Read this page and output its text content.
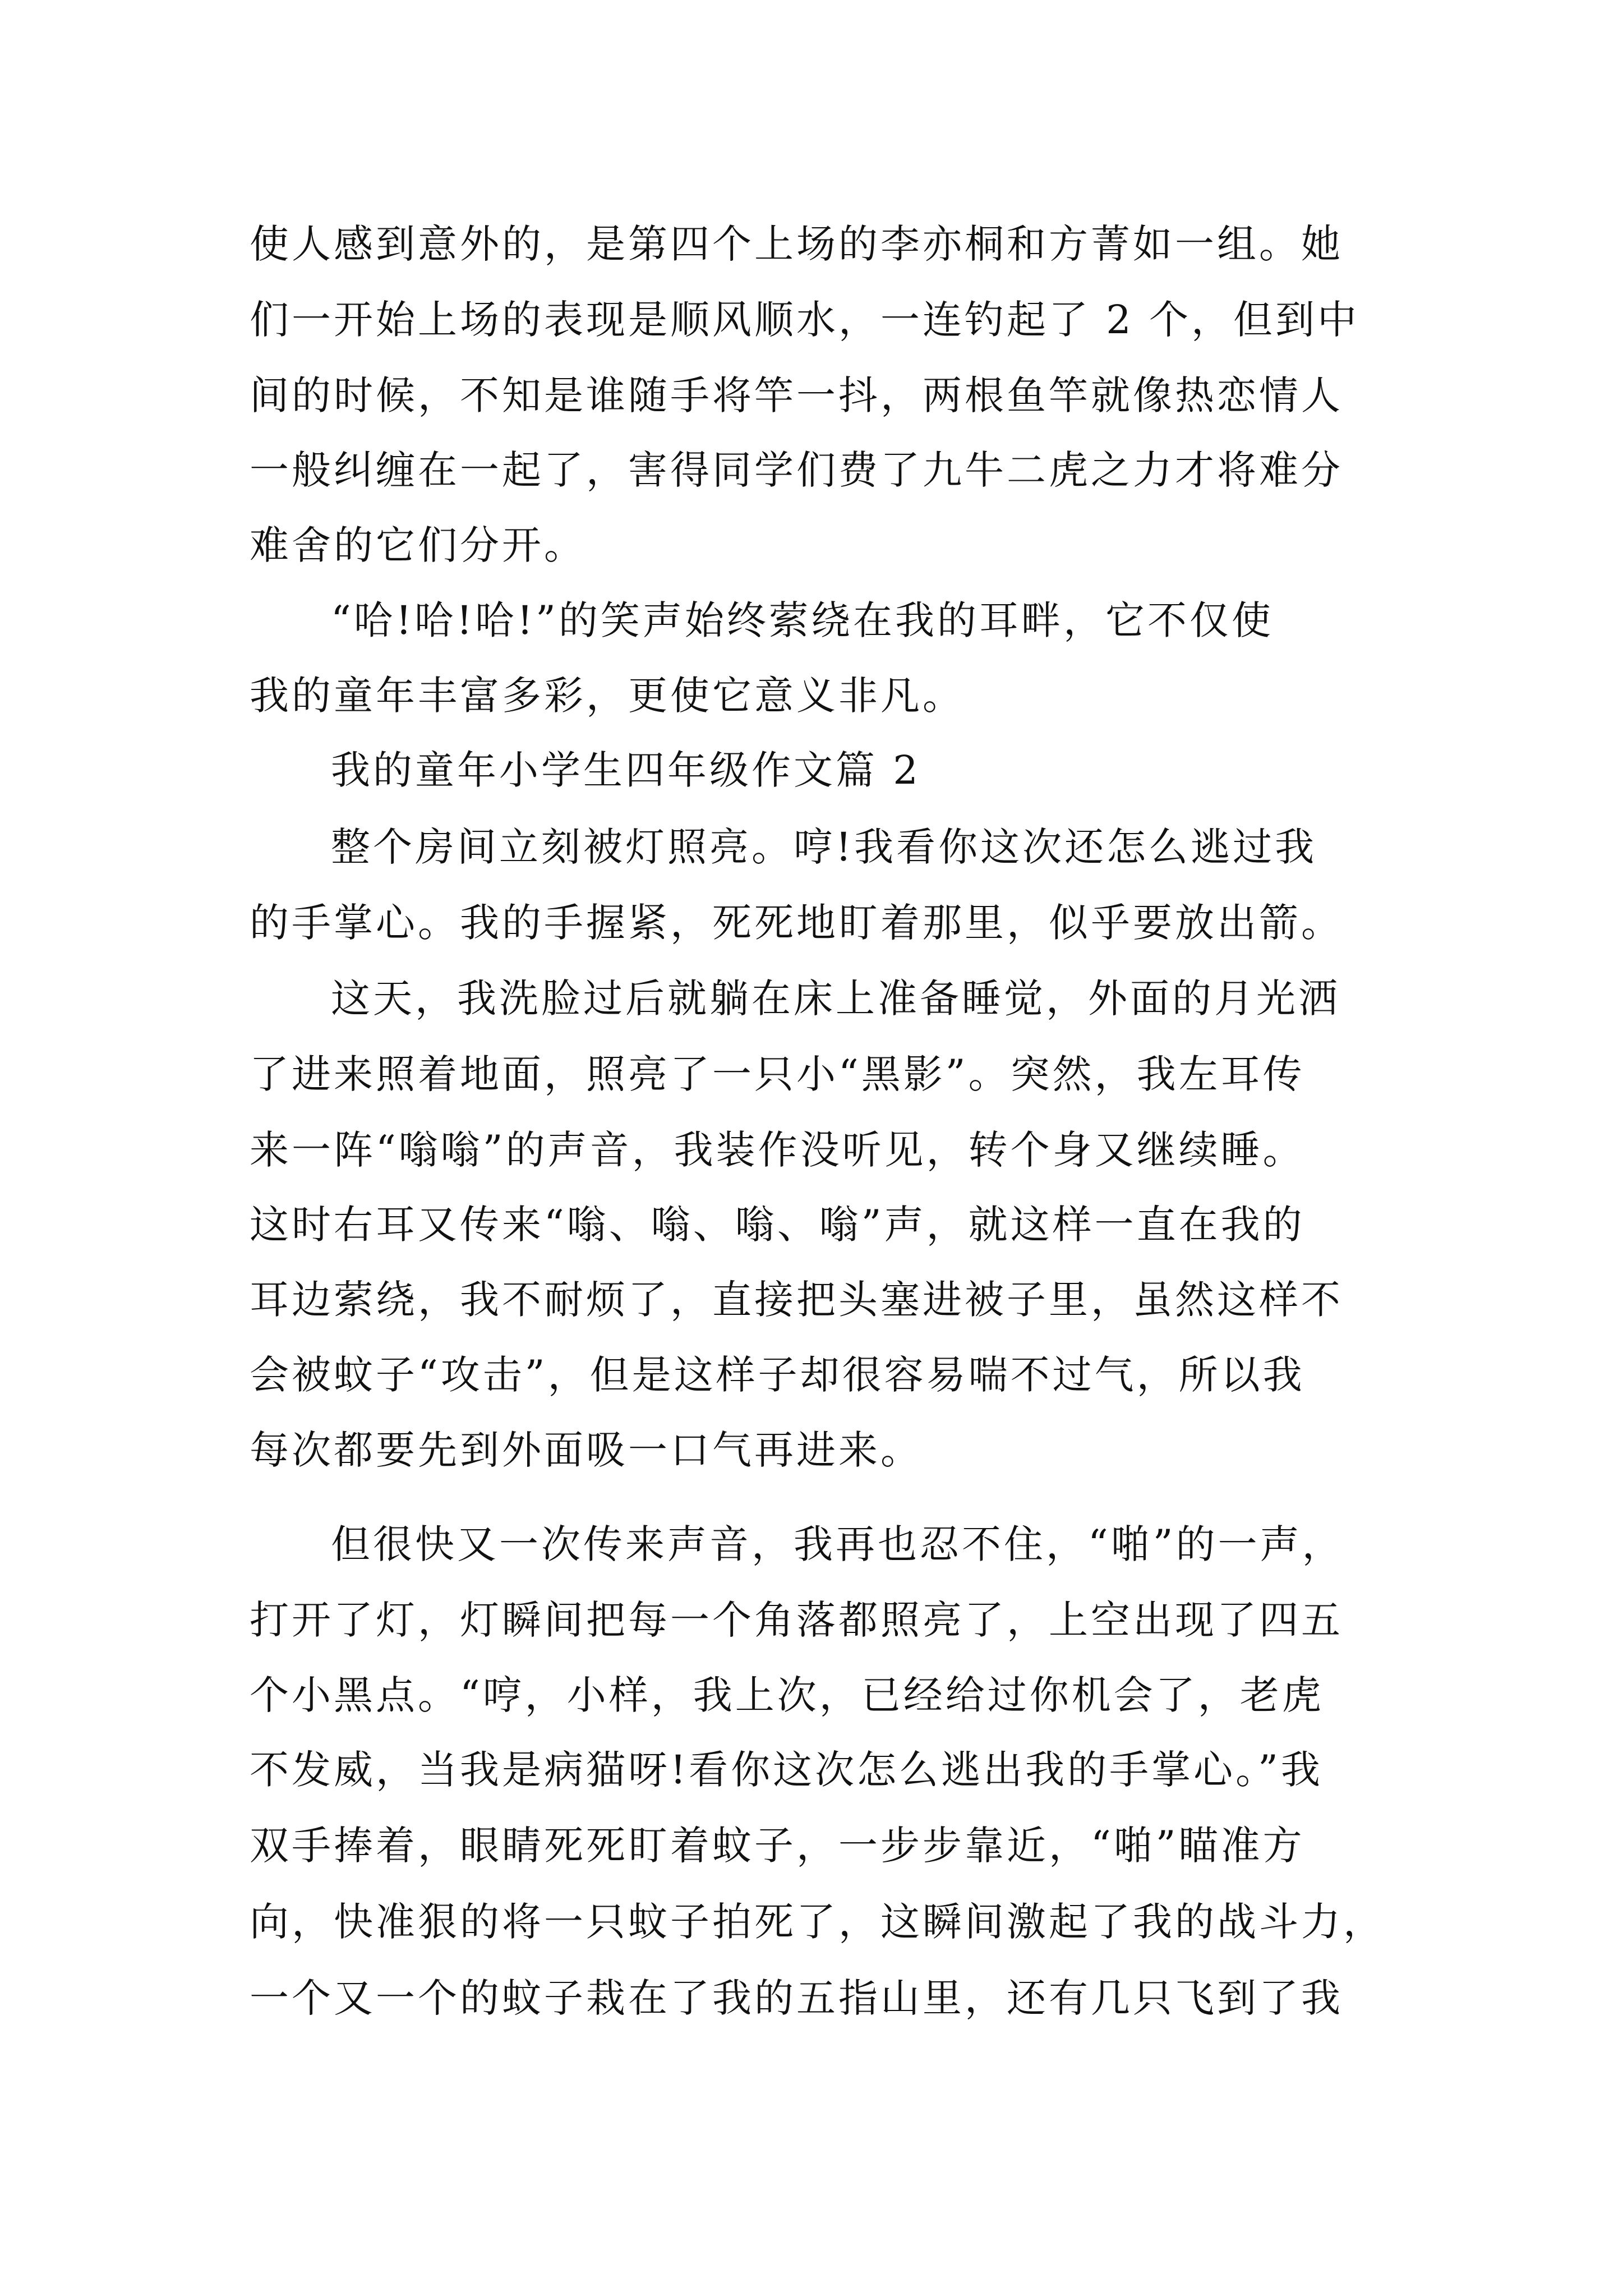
使人感到意外的，是第四个上场的李亦桐和方菁如一组。她
们一开始上场的表现是顺风顺水，一连钓起了 2 个，但到中
间的时候，不知是谁随手将竿一抖，两根鱼竿就像热恋情人
一般纠缠在一起了，害得同学们费了九牛二虎之力才将难分
难舍的它们分开。
“哈!哈!哈!”的笑声始终萦绕在我的耳畔，它不仅使
我的童年丰富多彩，更使它意义非凡。
我的童年小学生四年级作文篇 2
整个房间立刻被灯照亮。哼!我看你这次还怎么逃过我
的手掌心。我的手握紧，死死地盯着那里，似乎要放出箭。
这天，我洗脸过后就躺在床上准备睡觉，外面的月光洒
了进来照着地面，照亮了一只小“黑影”。突然，我左耳传
来一阵“嗡嗡”的声音，我装作没听见，转个身又继续睡。
这时右耳又传来“嗡、嗡、嗡、嗡”声，就这样一直在我的
耳边萦绕，我不耐烦了，直接把头塞进被子里，虽然这样不
会被蚊子“攻击”，但是这样子却很容易喘不过气，所以我
每次都要先到外面吸一口气再进来。
但很快又一次传来声音，我再也忍不住，“啪”的一声，
打开了灯，灯瞬间把每一个角落都照亮了，上空出现了四五
个小黑点。“哼，小样，我上次，已经给过你机会了，老虎
不发威，当我是病猫呀!看你这次怎么逃出我的手掌心。”我
双手捧着，眼睛死死盯着蚊子，一步步靠近，“啪”瞄准方
向，快准狠的将一只蚊子拍死了，这瞬间激起了我的战斗力，
一个又一个的蚊子栽在了我的五指山里，还有几只飞到了我
